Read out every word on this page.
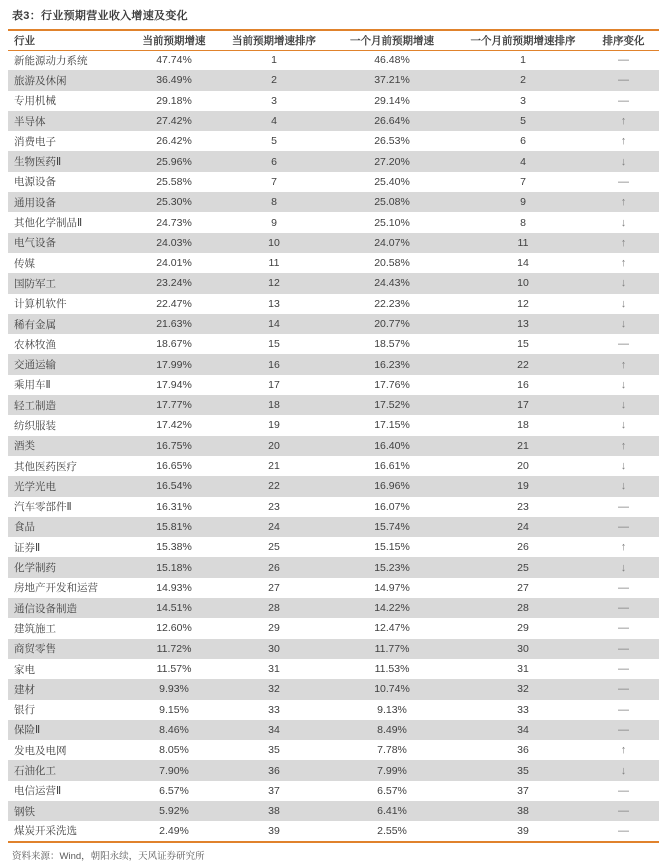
表3：行业预期营业收入增速及变化
行业	当前预期增速	当前预期增速排序	一个月前预期增速	一个月前预期增速排序	排序变化
新能源动力系统	47.74%	1	46.48%	1	—
旅游及休闲	36.49%	2	37.21%	2	—
专用机械	29.18%	3	29.14%	3	—
半导体	27.42%	4	26.64%	5	↑
消费电子	26.42%	5	26.53%	6	↑
生物医药Ⅱ	25.96%	6	27.20%	4	↓
电源设备	25.58%	7	25.40%	7	—
通用设备	25.30%	8	25.08%	9	↑
其他化学制品Ⅱ	24.73%	9	25.10%	8	↓
电气设备	24.03%	10	24.07%	11	↑
传媒	24.01%	11	20.58%	14	↑
国防军工	23.24%	12	24.43%	10	↓
计算机软件	22.47%	13	22.23%	12	↓
稀有金属	21.63%	14	20.77%	13	↓
农林牧渔	18.67%	15	18.57%	15	—
交通运输	17.99%	16	16.23%	22	↑
乘用车Ⅱ	17.94%	17	17.76%	16	↓
轻工制造	17.77%	18	17.52%	17	↓
纺织服装	17.42%	19	17.15%	18	↓
酒类	16.75%	20	16.40%	21	↑
其他医药医疗	16.65%	21	16.61%	20	↓
光学光电	16.54%	22	16.96%	19	↓
汽车零部件Ⅱ	16.31%	23	16.07%	23	—
食品	15.81%	24	15.74%	24	—
证券Ⅱ	15.38%	25	15.15%	26	↑
化学制药	15.18%	26	15.23%	25	↓
房地产开发和运营	14.93%	27	14.97%	27	—
通信设备制造	14.51%	28	14.22%	28	—
建筑施工	12.60%	29	12.47%	29	—
商贸零售	11.72%	30	11.77%	30	—
家电	11.57%	31	11.53%	31	—
建材	9.93%	32	10.74%	32	—
银行	9.15%	33	9.13%	33	—
保险Ⅱ	8.46%	34	8.49%	34	—
发电及电网	8.05%	35	7.78%	36	↑
石油化工	7.90%	36	7.99%	35	↓
电信运营Ⅱ	6.57%	37	6.57%	37	—
钢铁	5.92%	38	6.41%	38	—
煤炭开采洗选	2.49%	39	2.55%	39	—
资料来源：Wind，朝阳永续，天风证券研究所
